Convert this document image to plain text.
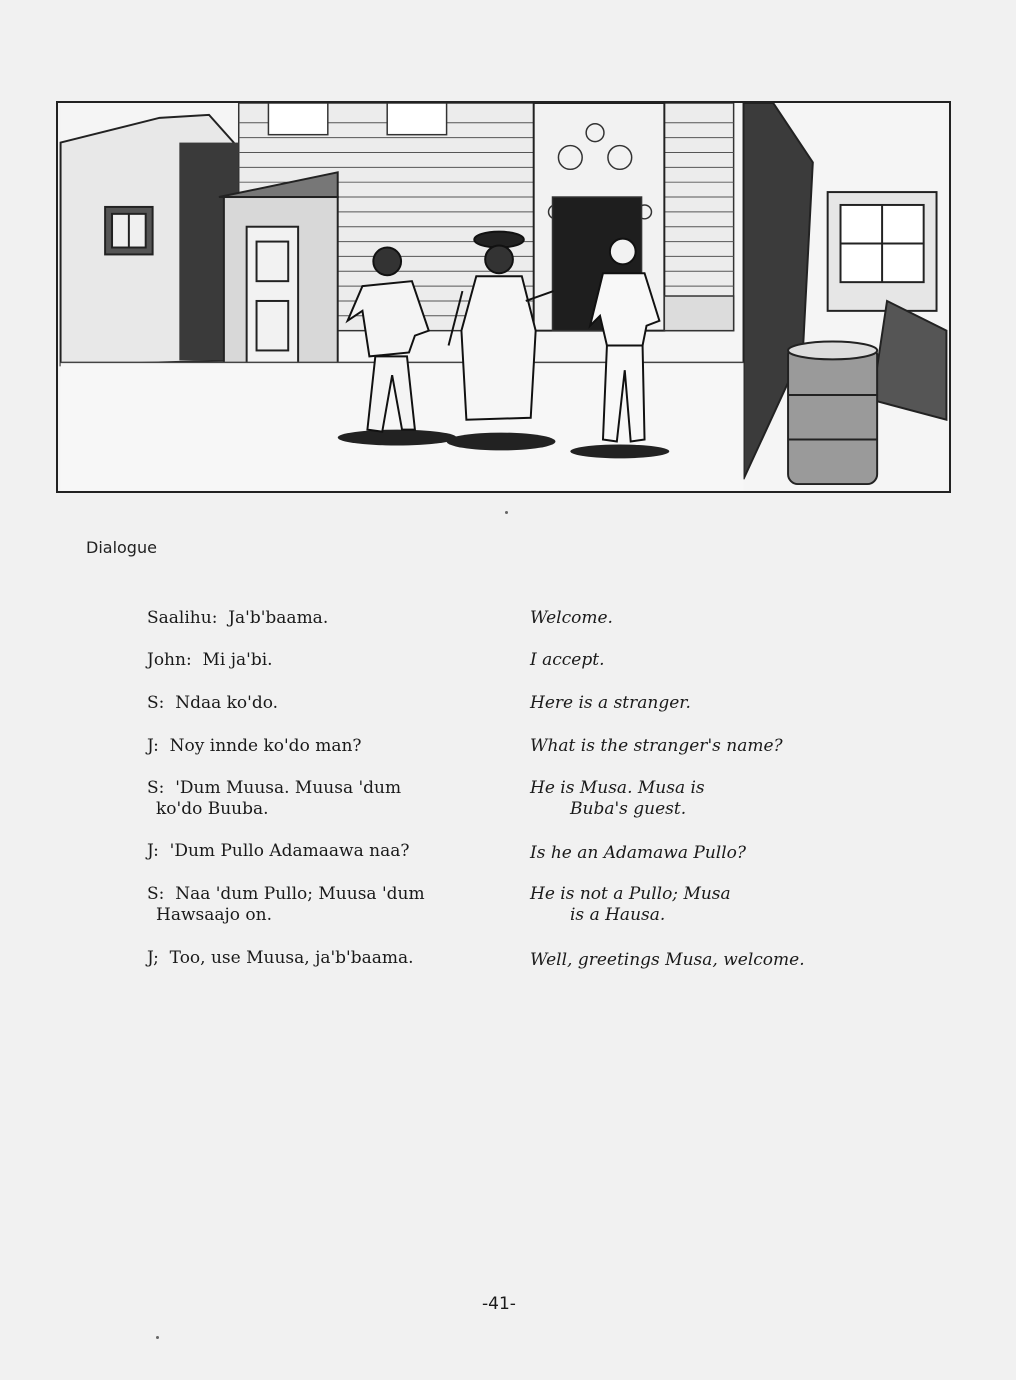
Dialogue
Saalihu: Ja'b'baama.
John: Mi ja'bi.
S: Ndaa ko'do.
J: Noy innde ko'do man?
S: 'Dum Muusa. Muusa 'dum
ko'do Buuba.
J: 'Dum Pullo Adamaawa naa?
S: Naa 'dum Pullo; Muusa 'dum
Hawsaajo on.
J; Too, use Muusa, ja'b'baama.
Welcome.
I accept.
Here is a stranger.
What is the stranger's name?
He is Musa. Musa is
Buba's guest.
Is he an Adamawa Pullo?
He is not a Pullo; Musa
is a Hausa.
Well, greetings Musa, welcome.
-41-
